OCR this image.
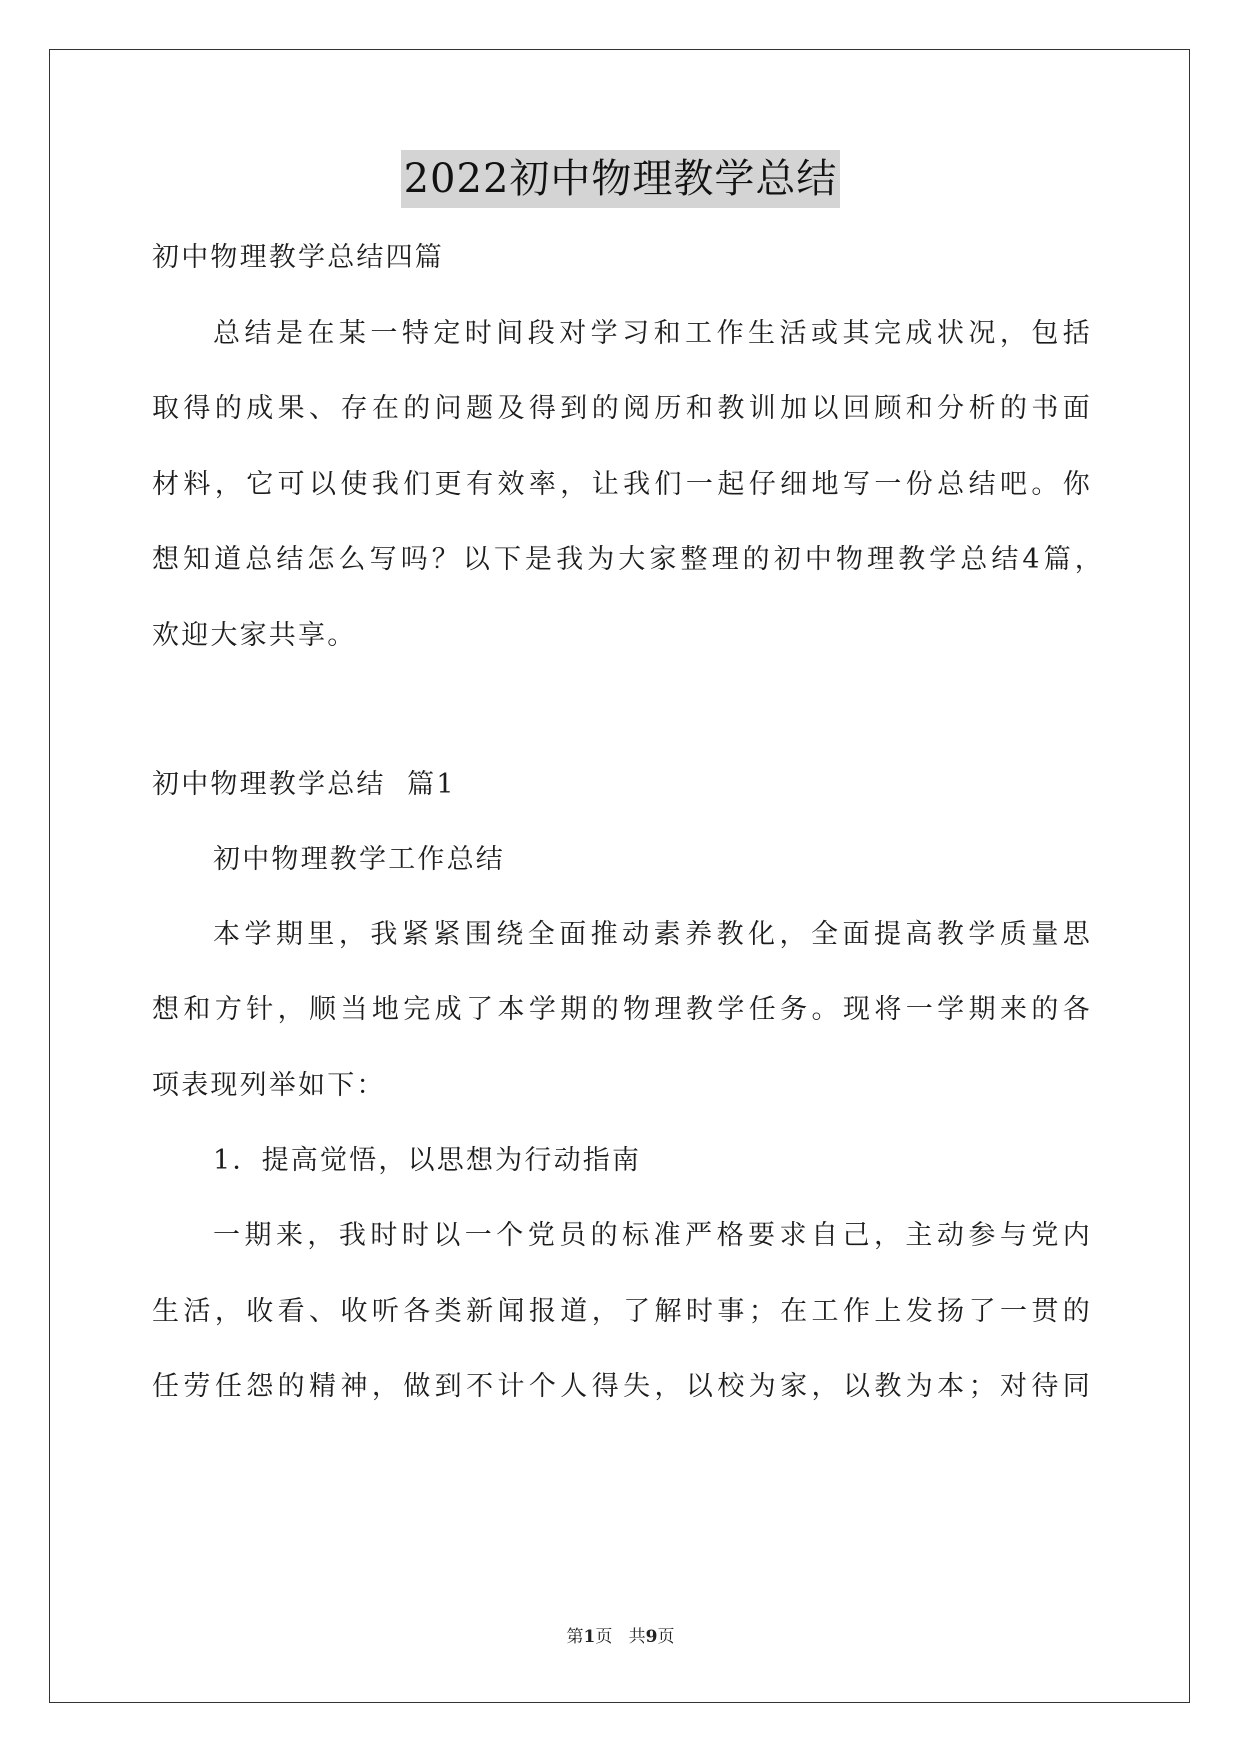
2022初中物理教学总结
初中物理教学总结四篇
总结是在某一特定时间段对学习和工作生活或其完成状况，包括
取得的成果、存在的问题及得到的阅历和教训加以回顾和分析的书面
材料，它可以使我们更有效率，让我们一起仔细地写一份总结吧。你
想知道总结怎么写吗？以下是我为大家整理的初中物理教学总结4篇，
欢迎大家共享。
初中物理教学总结  篇1
初中物理教学工作总结
本学期里，我紧紧围绕全面推动素养教化，全面提高教学质量思
想和方针，顺当地完成了本学期的物理教学任务。现将一学期来的各
项表现列举如下：
1．提高觉悟，以思想为行动指南
一期来，我时时以一个党员的标准严格要求自己，主动参与党内
生活，收看、收听各类新闻报道，了解时事；在工作上发扬了一贯的
任劳任怨的精神，做到不计个人得失，以校为家，以教为本；对待同
第1页   共9页
